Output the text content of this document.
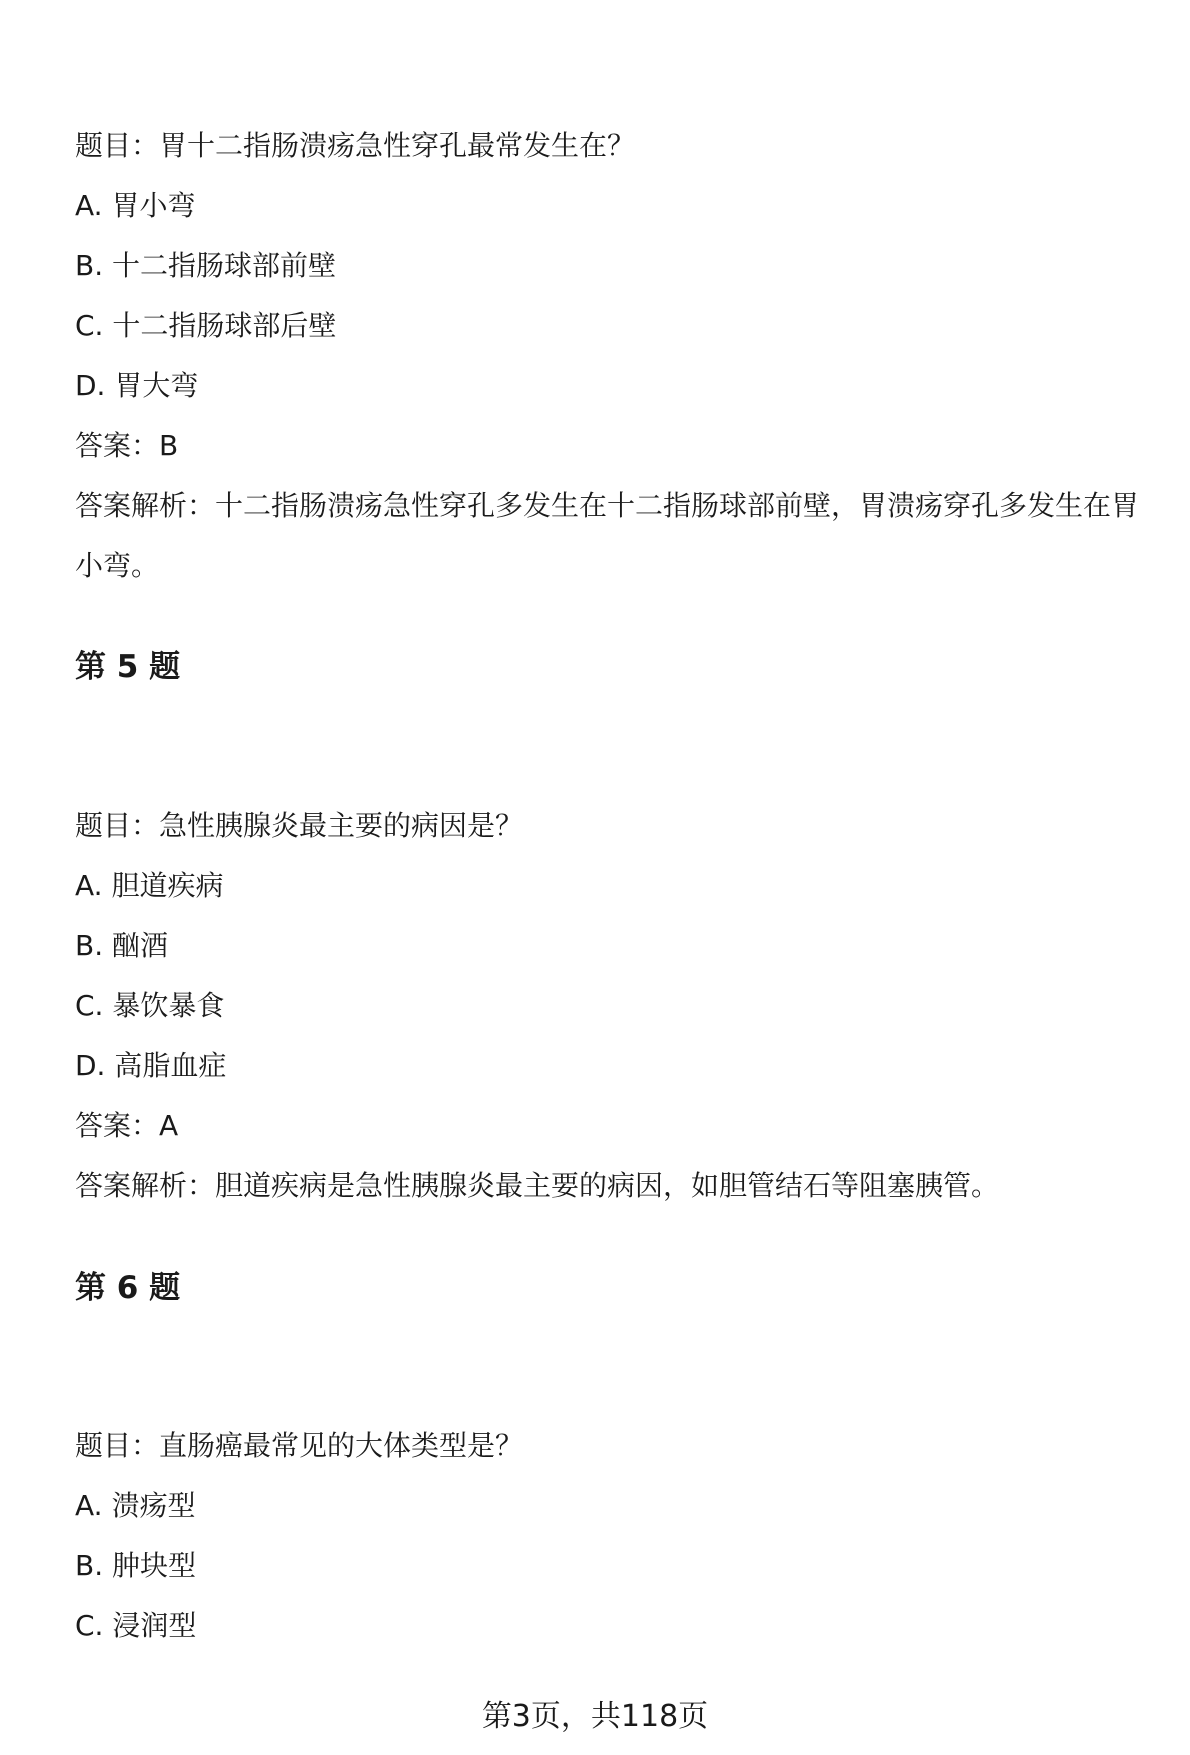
题目：胃十二指肠溃疡急性穿孔最常发生在？
A. 胃小弯
B. 十二指肠球部前壁
C. 十二指肠球部后壁
D. 胃大弯
答案：B
答案解析：十二指肠溃疡急性穿孔多发生在十二指肠球部前壁，胃溃疡穿孔多发生在胃小弯。
第 5 题
题目：急性胰腺炎最主要的病因是？
A. 胆道疾病
B. 酗酒
C. 暴饮暴食
D. 高脂血症
答案：A
答案解析：胆道疾病是急性胰腺炎最主要的病因，如胆管结石等阻塞胰管。
第 6 题
题目：直肠癌最常见的大体类型是？
A. 溃疡型
B. 肿块型
C. 浸润型
第3页，共118页
